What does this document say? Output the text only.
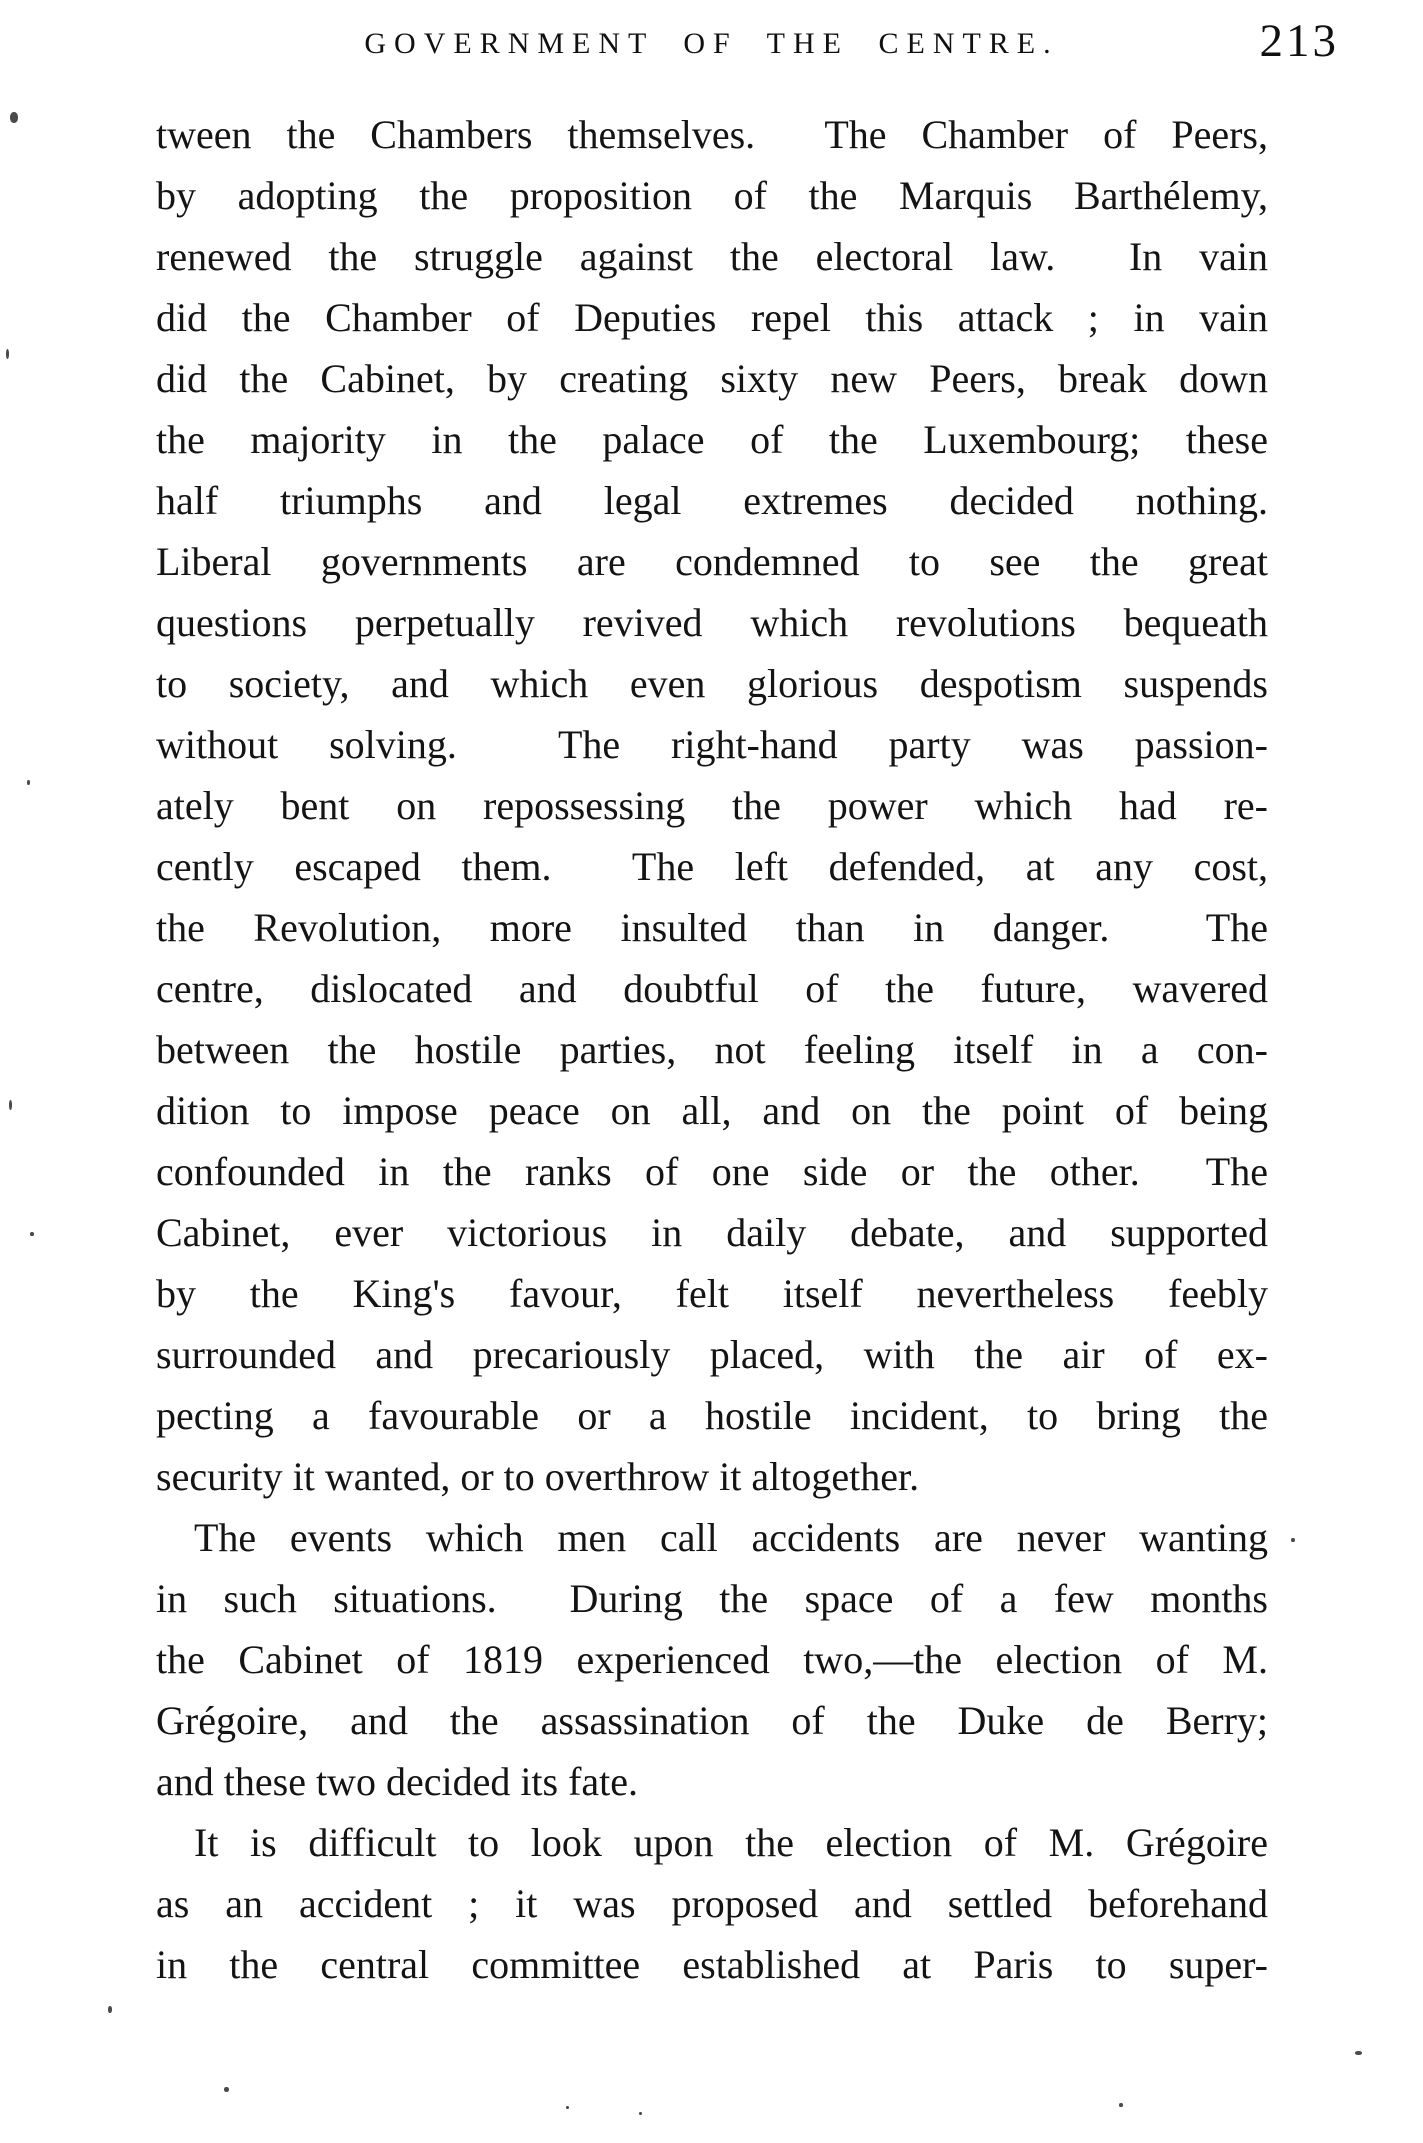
GOVERNMENT OF THE CENTRE.	213
tween the Chambers themselves.  The Chamber of Peers,
by adopting the proposition of the Marquis Barthélemy,
renewed the struggle against the electoral law.  In vain
did the Chamber of Deputies repel this attack ; in vain
did the Cabinet, by creating sixty new Peers, break down
the majority in the palace of the Luxembourg; these
half triumphs and legal extremes decided nothing.
Liberal governments are condemned to see the great
questions perpetually revived which revolutions bequeath
to society, and which even glorious despotism suspends
without solving.  The right-hand party was passion-
ately bent on repossessing the power which had re-
cently escaped them.  The left defended, at any cost,
the Revolution, more insulted than in danger.  The
centre, dislocated and doubtful of the future, wavered
between the hostile parties, not feeling itself in a con-
dition to impose peace on all, and on the point of being
confounded in the ranks of one side or the other.  The
Cabinet, ever victorious in daily debate, and supported
by the King's favour, felt itself nevertheless feebly
surrounded and precariously placed, with the air of ex-
pecting a favourable or a hostile incident, to bring the
security it wanted, or to overthrow it altogether.
The events which men call accidents are never wanting
in such situations.  During the space of a few months
the Cabinet of 1819 experienced two,—the election of M.
Grégoire, and the assassination of the Duke de Berry;
and these two decided its fate.
It is difficult to look upon the election of M. Grégoire
as an accident ; it was proposed and settled beforehand
in the central committee established at Paris to super-
